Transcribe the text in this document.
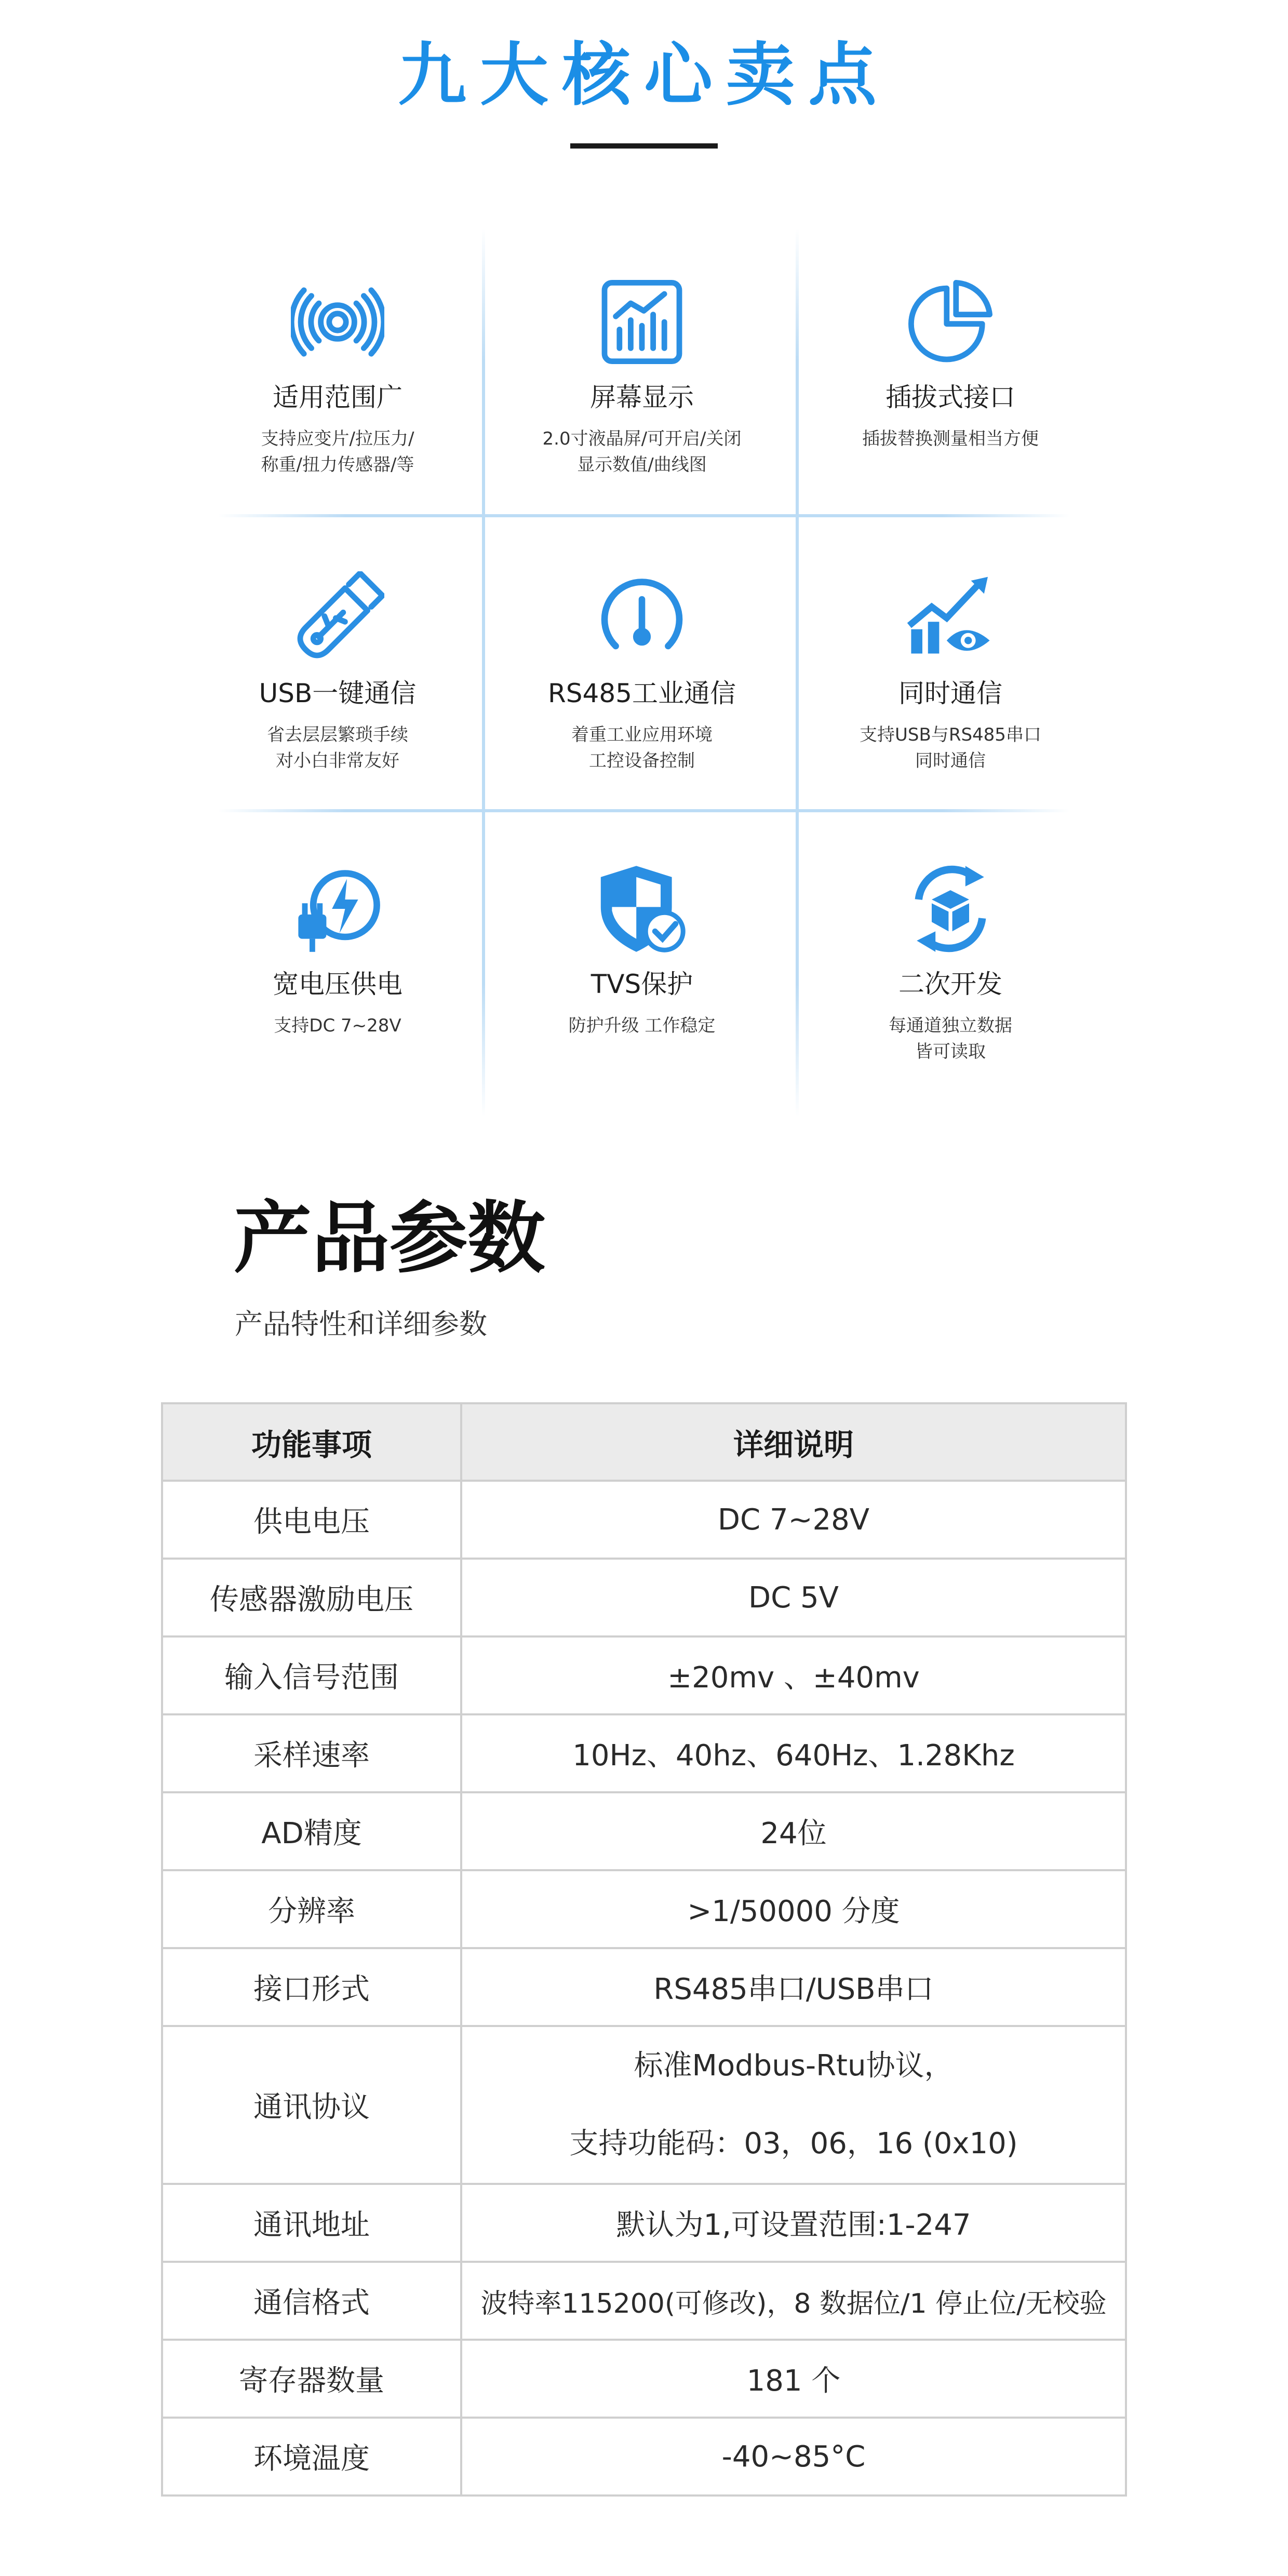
九大核心卖点
适用范围广
支持应变片/拉压力/
称重/扭力传感器/等
屏幕显示
2.0寸液晶屏/可开启/关闭
显示数值/曲线图
插拔式接口
插拔替换测量相当方便
USB一键通信
省去层层繁琐手续
对小白非常友好
RS485工业通信
着重工业应用环境
工控设备控制
同时通信
支持USB与RS485串口
同时通信
宽电压供电
支持DC 7~28V
TVS保护
防护升级 工作稳定
二次开发
每通道独立数据
皆可读取
产品参数
产品特性和详细参数
功能事项	详细说明
供电电压	DC 7~28V
传感器激励电压	DC 5V
输入信号范围	±20mv 、±40mv
采样速率	10Hz、40hz、640Hz、1.28Khz
AD精度	24位
分辨率	>1/50000 分度
接口形式	RS485串口/USB串口
通讯协议	标准Modbus-Rtu协议，
支持功能码：03，06，16 (0x10)

通讯地址	默认为1,可设置范围:1-247
通信格式	波特率115200(可修改)，8 数据位/1 停止位/无校验
寄存器数量	181 个
环境温度	-40~85°C
